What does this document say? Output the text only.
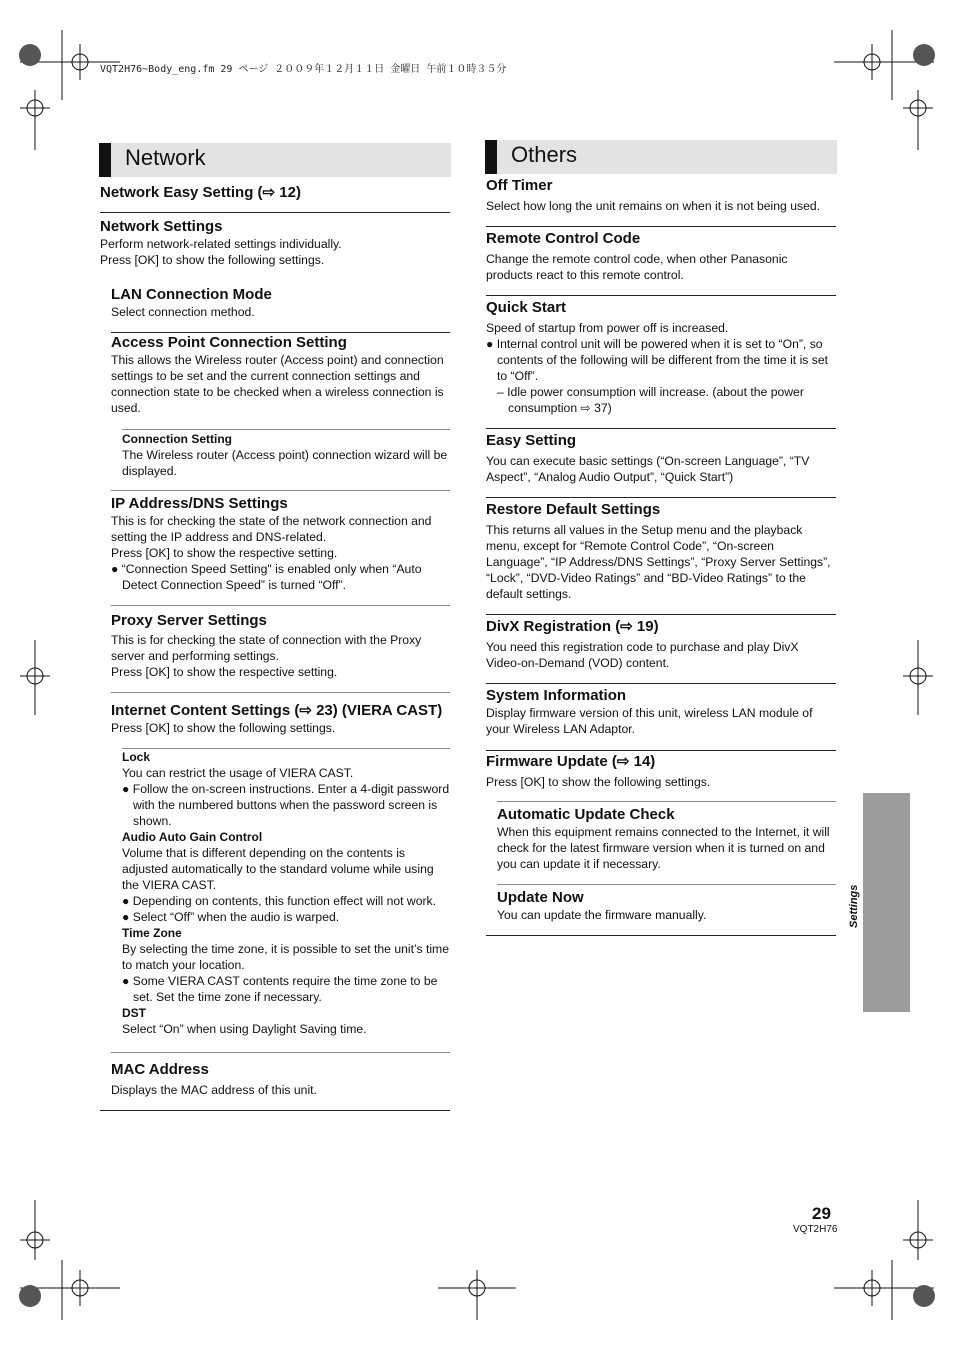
VQT2H76~Body_eng.fm 29 ページ ２００９年１２月１１日 金曜日 午前１０時３５分
Network
Network Easy Setting (⇨ 12)
Network Settings

Perform network-related settings individually.

Press [OK] to show the following settings.

LAN Connection Mode

Select connection method.

Access Point Connection Setting

This allows the Wireless router (Access point) and connection settings to be set and the current connection settings and connection state to be checked when a wireless connection is used.

Connection Setting

The Wireless router (Access point) connection wizard will be displayed.

IP Address/DNS Settings

This is for checking the state of the network connection and setting the IP address and DNS-related.

Press [OK] to show the respective setting.

● “Connection Speed Setting" is enabled only when “Auto Detect Connection Speed” is turned “Off”.

Proxy Server Settings

This is for checking the state of connection with the Proxy server and performing settings.

Press [OK] to show the respective setting.

Internet Content Settings (⇨ 23) (VIERA CAST)

Press [OK] to show the following settings.

Lock

You can restrict the usage of VIERA CAST.

● Follow the on-screen instructions. Enter a 4-digit password with the numbered buttons when the password screen is shown.

Audio Auto Gain Control

Volume that is different depending on the contents is adjusted automatically to the standard volume while using the VIERA CAST.

● Depending on contents, this function effect will not work.

● Select “Off” when the audio is warped.

Time Zone

By selecting the time zone, it is possible to set the unit’s time to match your location.

● Some VIERA CAST contents require the time zone to be set. Set the time zone if necessary.

DST

Select “On” when using Daylight Saving time.

MAC Address

Displays the MAC address of this unit.

Others
Off Timer

Select how long the unit remains on when it is not being used.

Remote Control Code

Change the remote control code, when other Panasonic products react to this remote control.

Quick Start

Speed of startup from power off is increased.

● Internal control unit will be powered when it is set to “On”, so contents of the following will be different from the time it is set to “Off”.

– Idle power consumption will increase. (about the power consumption ⇨ 37)

Easy Setting

You can execute basic settings (“On-screen Language”, “TV Aspect”, “Analog Audio Output”, “Quick Start”)

Restore Default Settings

This returns all values in the Setup menu and the playback menu, except for “Remote Control Code”, “On-screen Language”, “IP Address/DNS Settings”, “Proxy Server Settings”, “Lock”, “DVD-Video Ratings” and “BD-Video Ratings” to the default settings.

DivX Registration (⇨ 19)

You need this registration code to purchase and play DivX Video-on-Demand (VOD) content.

System Information

Display firmware version of this unit, wireless LAN module of your Wireless LAN Adaptor.

Firmware Update (⇨ 14)

Press [OK] to show the following settings.

Automatic Update Check

When this equipment remains connected to the Internet, it will check for the latest firmware version when it is turned on and you can update it if necessary.

Update Now

You can update the firmware manually.	Settings
29
VQT2H76
